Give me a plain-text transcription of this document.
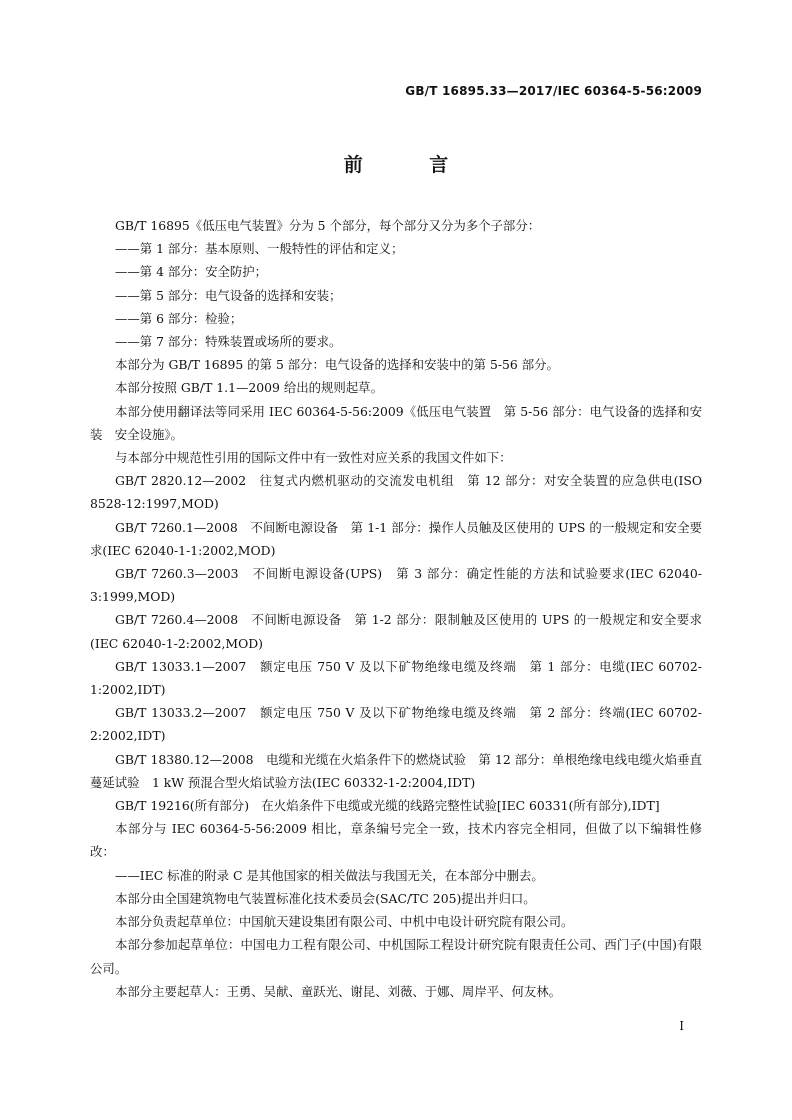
GB/T 16895.33—2017/IEC 60364-5-56:2009
前 言

GB/T 16895《低压电气装置》分为 5 个部分，每个部分又分为多个子部分：

——第 1 部分：基本原则、一般特性的评估和定义；

——第 4 部分：安全防护；

——第 5 部分：电气设备的选择和安装；

——第 6 部分：检验；

——第 7 部分：特殊装置或场所的要求。

本部分为 GB/T 16895 的第 5 部分：电气设备的选择和安装中的第 5-56 部分。

本部分按照 GB/T 1.1—2009 给出的规则起草。

本部分使用翻译法等同采用 IEC 60364-5-56:2009《低压电气装置　第 5-56 部分：电气设备的选择和安装　安全设施》。

与本部分中规范性引用的国际文件中有一致性对应关系的我国文件如下：

GB/T 2820.12—2002　往复式内燃机驱动的交流发电机组　第 12 部分：对安全装置的应急供电(ISO 8528-12:1997,MOD)

GB/T 7260.1—2008　不间断电源设备　第 1-1 部分：操作人员触及区使用的 UPS 的一般规定和安全要求(IEC 62040-1-1:2002,MOD)

GB/T 7260.3—2003　不间断电源设备(UPS)　第 3 部分：确定性能的方法和试验要求(IEC 62040-3:1999,MOD)

GB/T 7260.4—2008　不间断电源设备　第 1-2 部分：限制触及区使用的 UPS 的一般规定和安全要求(IEC 62040-1-2:2002,MOD)

GB/T 13033.1—2007　额定电压 750 V 及以下矿物绝缘电缆及终端　第 1 部分：电缆(IEC 60702-1:2002,IDT)

GB/T 13033.2—2007　额定电压 750 V 及以下矿物绝缘电缆及终端　第 2 部分：终端(IEC 60702-2:2002,IDT)

GB/T 18380.12—2008　电缆和光缆在火焰条件下的燃烧试验　第 12 部分：单根绝缘电线电缆火焰垂直蔓延试验　1 kW 预混合型火焰试验方法(IEC 60332-1-2:2004,IDT)

GB/T 19216(所有部分)　在火焰条件下电缆或光缆的线路完整性试验[IEC 60331(所有部分),IDT]

本部分与 IEC 60364-5-56:2009 相比，章条编号完全一致，技术内容完全相同，但做了以下编辑性修改：

——IEC 标准的附录 C 是其他国家的相关做法与我国无关，在本部分中删去。

本部分由全国建筑物电气装置标准化技术委员会(SAC/TC 205)提出并归口。

本部分负责起草单位：中国航天建设集团有限公司、中机中电设计研究院有限公司。

本部分参加起草单位：中国电力工程有限公司、中机国际工程设计研究院有限责任公司、西门子(中国)有限公司。

本部分主要起草人：王勇、吴献、童跃光、谢昆、刘薇、于娜、周岸平、何友林。

I
